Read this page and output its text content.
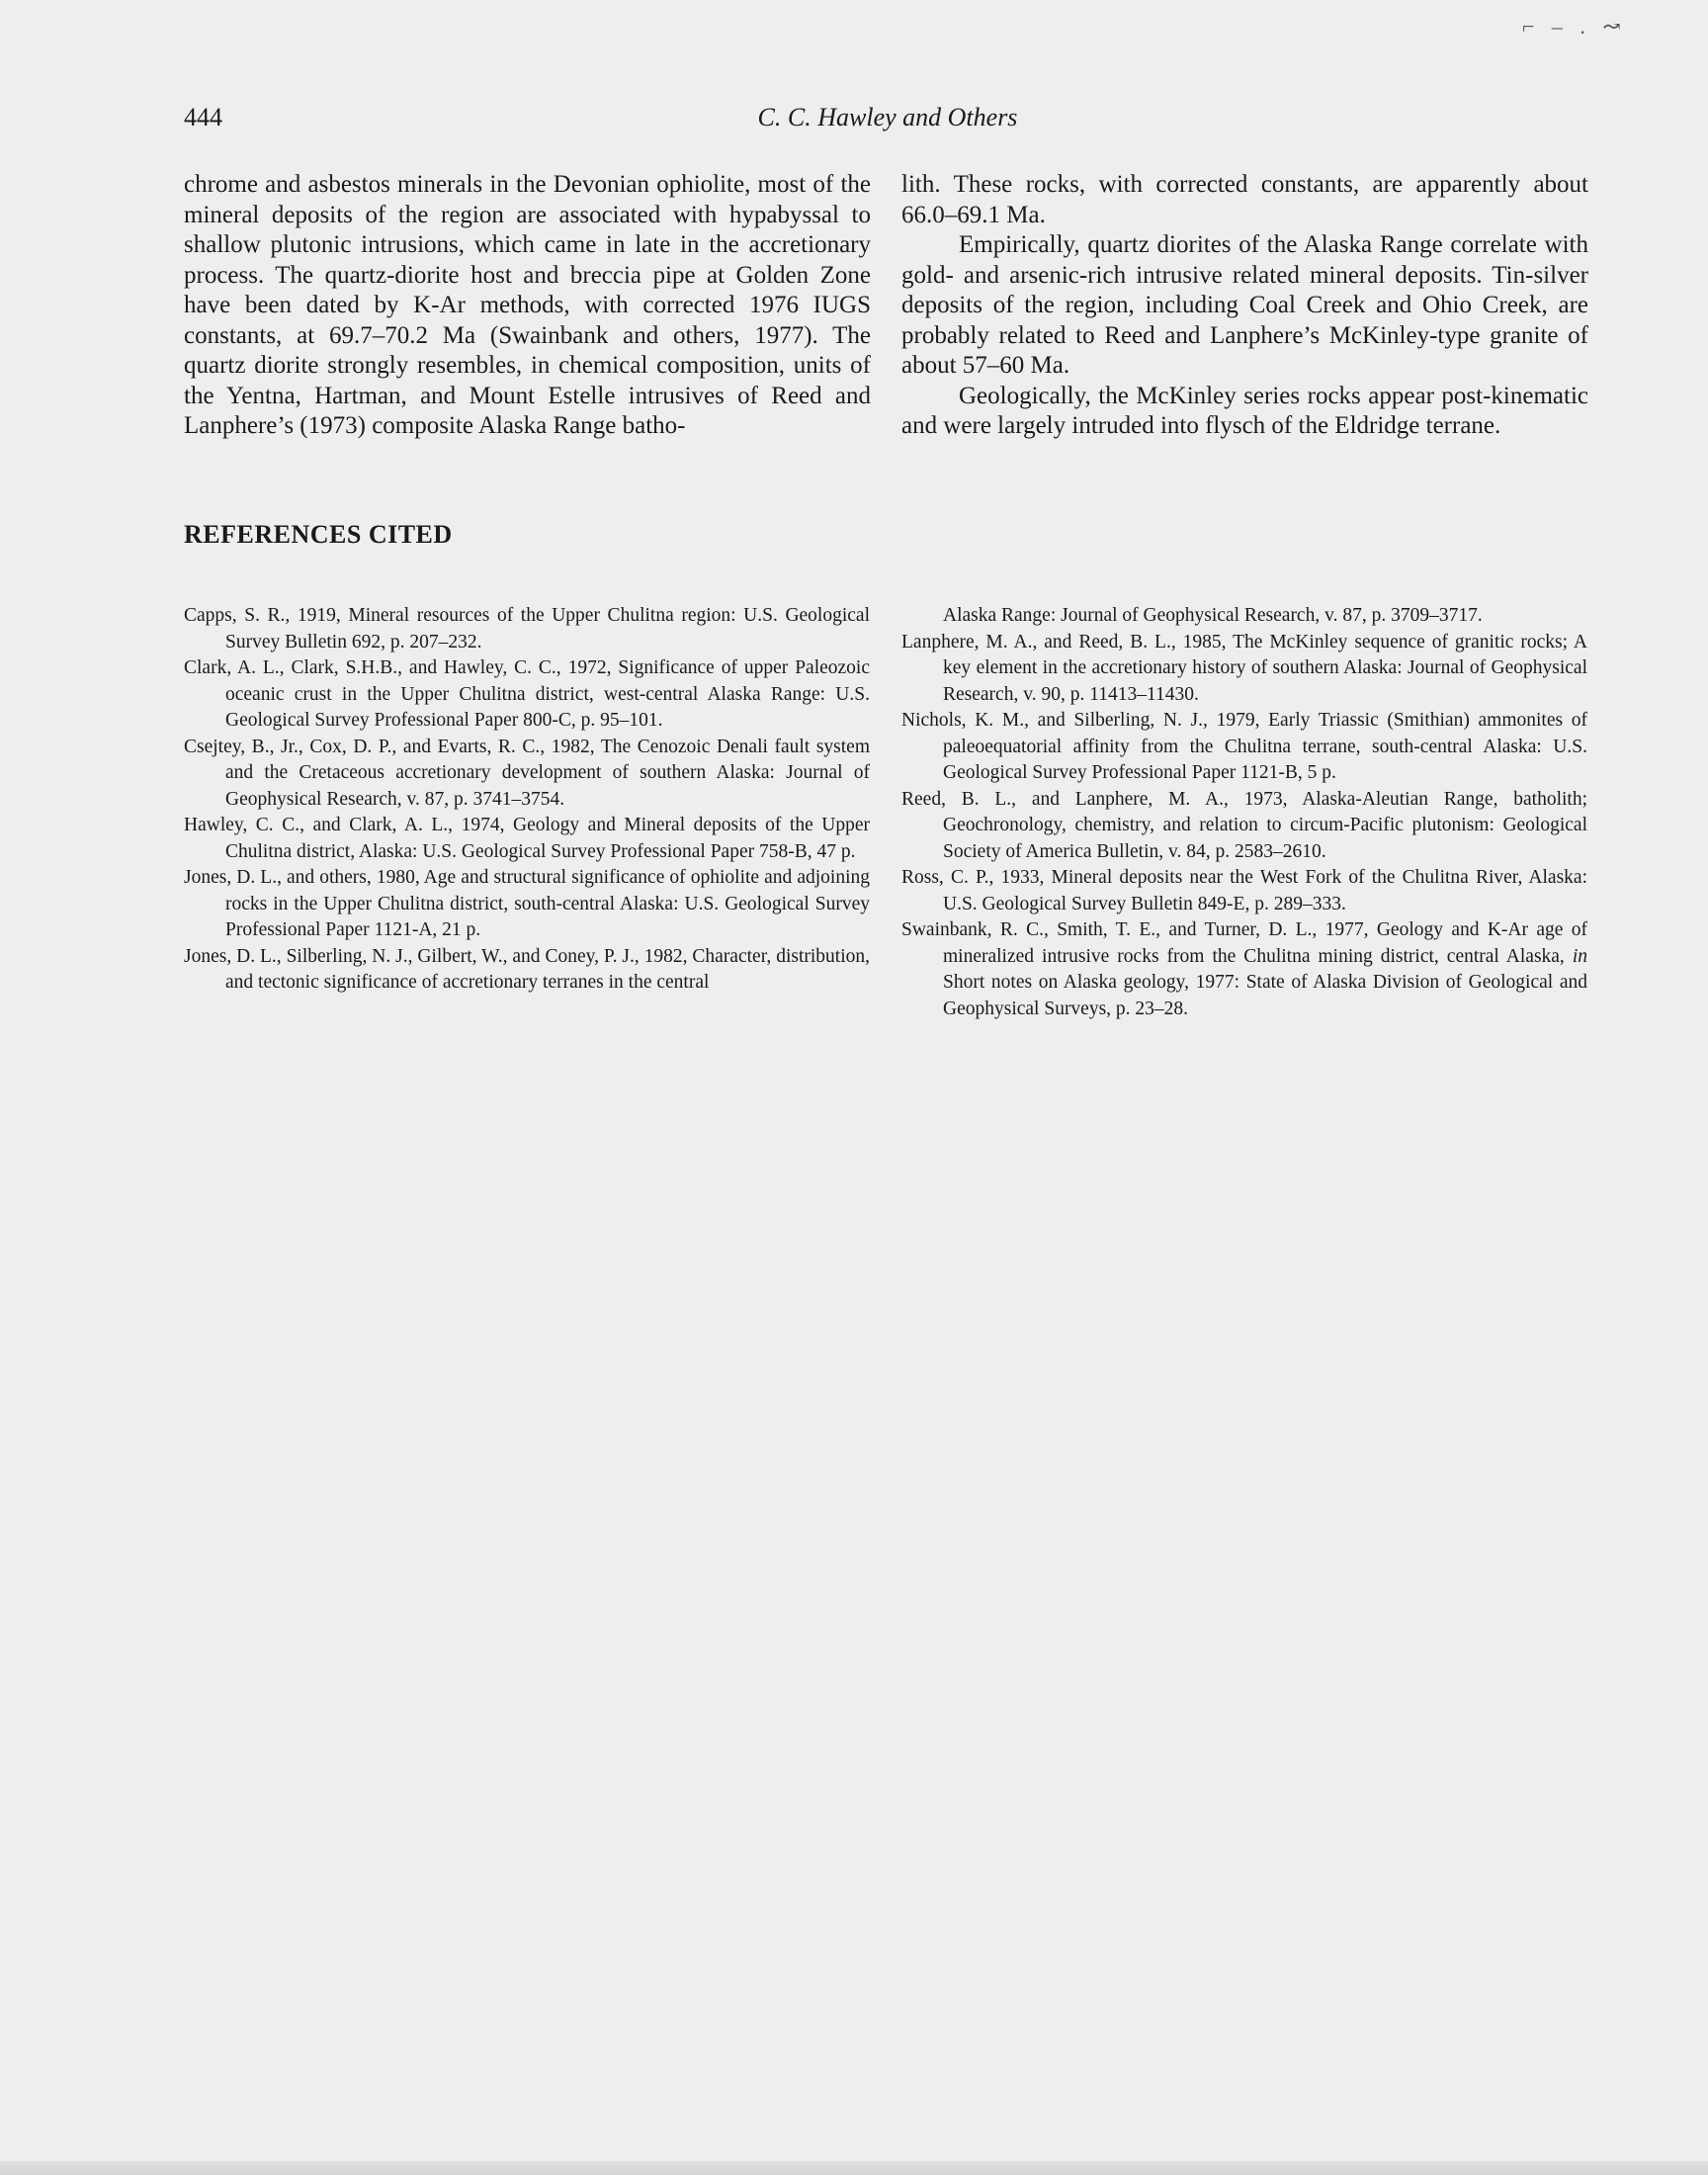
⌐ – . ↝
444	C. C. Hawley and Others

chrome and asbestos minerals in the Devonian ophiolite, most of the mineral deposits of the region are associated with hypabyssal to shallow plutonic intrusions, which came in late in the accretionary process. The quartz-diorite host and breccia pipe at Golden Zone have been dated by K-Ar methods, with corrected 1976 IUGS constants, at 69.7–70.2 Ma (Swainbank and others, 1977). The quartz diorite strongly resembles, in chemical composition, units of the Yentna, Hartman, and Mount Estelle intrusives of Reed and Lanphere’s (1973) composite Alaska Range batho-

lith. These rocks, with corrected constants, are apparently about 66.0–69.1 Ma.

Empirically, quartz diorites of the Alaska Range correlate with gold- and arsenic-rich intrusive related mineral deposits. Tin-silver deposits of the region, including Coal Creek and Ohio Creek, are probably related to Reed and Lanphere’s McKinley-type granite of about 57–60 Ma.

Geologically, the McKinley series rocks appear post-kinematic and were largely intruded into flysch of the Eldridge terrane.

REFERENCES CITED

Capps, S. R., 1919, Mineral resources of the Upper Chulitna region: U.S. Geological Survey Bulletin 692, p. 207–232.

Clark, A. L., Clark, S.H.B., and Hawley, C. C., 1972, Significance of upper Paleozoic oceanic crust in the Upper Chulitna district, west-central Alaska Range: U.S. Geological Survey Professional Paper 800-C, p. 95–101.

Csejtey, B., Jr., Cox, D. P., and Evarts, R. C., 1982, The Cenozoic Denali fault system and the Cretaceous accretionary development of southern Alaska: Journal of Geophysical Research, v. 87, p. 3741–3754.

Hawley, C. C., and Clark, A. L., 1974, Geology and Mineral deposits of the Upper Chulitna district, Alaska: U.S. Geological Survey Professional Paper 758-B, 47 p.

Jones, D. L., and others, 1980, Age and structural significance of ophiolite and adjoining rocks in the Upper Chulitna district, south-central Alaska: U.S. Geological Survey Professional Paper 1121-A, 21 p.

Jones, D. L., Silberling, N. J., Gilbert, W., and Coney, P. J., 1982, Character, distribution, and tectonic significance of accretionary terranes in the central

Alaska Range: Journal of Geophysical Research, v. 87, p. 3709–3717.

Lanphere, M. A., and Reed, B. L., 1985, The McKinley sequence of granitic rocks; A key element in the accretionary history of southern Alaska: Journal of Geophysical Research, v. 90, p. 11413–11430.

Nichols, K. M., and Silberling, N. J., 1979, Early Triassic (Smithian) ammonites of paleoequatorial affinity from the Chulitna terrane, south-central Alaska: U.S. Geological Survey Professional Paper 1121-B, 5 p.

Reed, B. L., and Lanphere, M. A., 1973, Alaska-Aleutian Range, batholith; Geochronology, chemistry, and relation to circum-Pacific plutonism: Geological Society of America Bulletin, v. 84, p. 2583–2610.

Ross, C. P., 1933, Mineral deposits near the West Fork of the Chulitna River, Alaska: U.S. Geological Survey Bulletin 849-E, p. 289–333.

Swainbank, R. C., Smith, T. E., and Turner, D. L., 1977, Geology and K-Ar age of mineralized intrusive rocks from the Chulitna mining district, central Alaska, in Short notes on Alaska geology, 1977: State of Alaska Division of Geological and Geophysical Surveys, p. 23–28.
